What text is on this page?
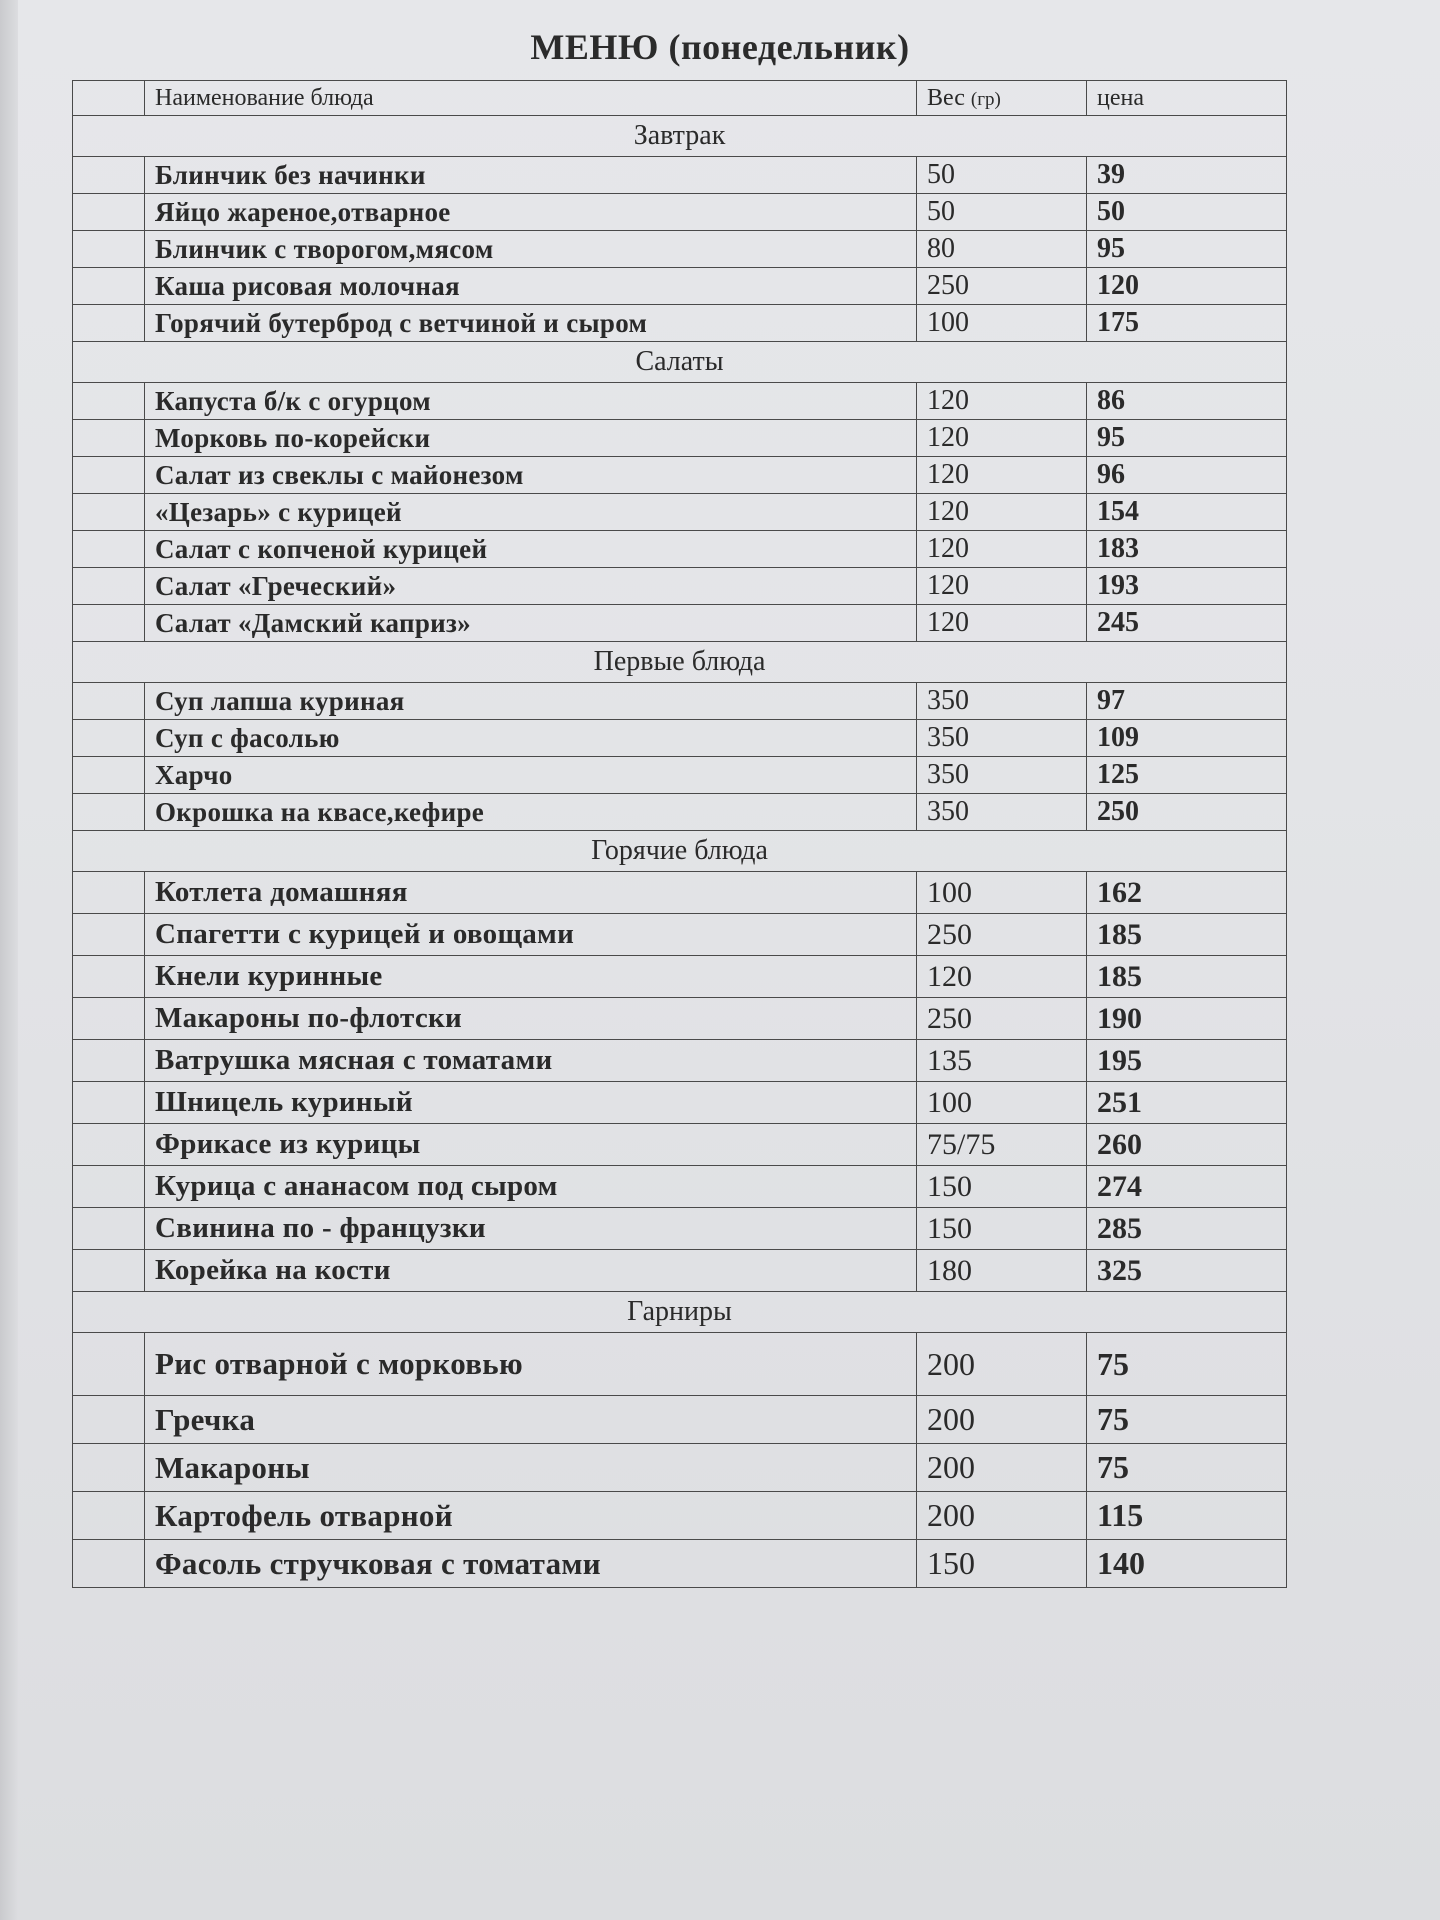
МЕНЮ (понедельник)
	Наименование блюда	Вес (гр)	цена
Завтрак			
	Блинчик без начинки	50	39
	Яйцо жареное,отварное	50	50
	Блинчик с творогом,мясом	80	95
	Каша рисовая молочная	250	120
	Горячий бутерброд с ветчиной и сыром	100	175
Салаты			
	Капуста б/к с огурцом	120	86
	Морковь по-корейски	120	95
	Салат из свеклы с майонезом	120	96
	«Цезарь» с курицей	120	154
	Салат с копченой курицей	120	183
	Салат «Греческий»	120	193
	Салат «Дамский каприз»	120	245
Первые блюда			
	Суп лапша куриная	350	97
	Суп с фасолью	350	109
	Харчо	350	125
	Окрошка на квасе,кефире	350	250
Горячие блюда			
	Котлета домашняя	100	162
	Спагетти с курицей и овощами	250	185
	Кнели куринные	120	185
	Макароны по-флотски	250	190
	Ватрушка мясная с томатами	135	195
	Шницель куриный	100	251
	Фрикасе из курицы	75/75	260
	Курица с ананасом под сыром	150	274
	Свинина по - французки	150	285
	Корейка на кости	180	325
Гарниры			
	Рис отварной с морковью	200	75
	Гречка	200	75
	Макароны	200	75
	Картофель отварной	200	115
	Фасоль стручковая с томатами	150	140
